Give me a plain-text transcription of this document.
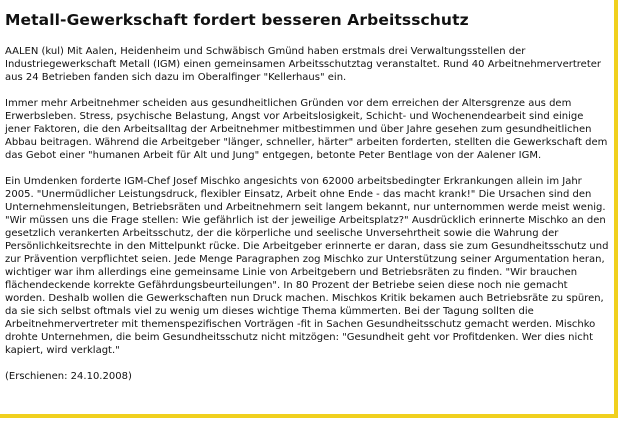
Metall-Gewerkschaft fordert besseren Arbeitsschutz

AALEN (kul) Mit Aalen, Heidenheim und Schwäbisch Gmünd haben erstmals drei Verwaltungsstellen der Industriegewerkschaft Metall (IGM) einen gemeinsamen Arbeitsschutztag veranstaltet. Rund 40 Arbeitnehmervertreter aus 24 Betrieben fanden sich dazu im Oberalfinger "Kellerhaus" ein.

Immer mehr Arbeitnehmer scheiden aus gesundheitlichen Gründen vor dem erreichen der Altersgrenze aus dem Erwerbsleben. Stress, psychische Belastung, Angst vor Arbeitslosigkeit, Schicht- und Wochenendearbeit sind einige jener Faktoren, die den Arbeitsalltag der Arbeitnehmer mitbestimmen und über Jahre gesehen zum gesundheitlichen Abbau beitragen. Während die Arbeitgeber "länger, schneller, härter" arbeiten forderten, stellten die Gewerkschaft dem das Gebot einer "humanen Arbeit für Alt und Jung" entgegen, betonte Peter Bentlage von der Aalener IGM.

Ein Umdenken forderte IGM-Chef Josef Mischko angesichts von 62000 arbeitsbedingter Erkrankungen allein im Jahr 2005. "Unermüdlicher Leistungsdruck, flexibler Einsatz, Arbeit ohne Ende - das macht krank!" Die Ursachen sind den Unternehmensleitungen, Betriebsräten und Arbeitnehmern seit langem bekannt, nur unternommen werde meist wenig. "Wir müssen uns die Frage stellen: Wie gefährlich ist der jeweilige Arbeitsplatz?" Ausdrücklich erinnerte Mischko an den gesetzlich verankerten Arbeitsschutz, der die körperliche und seelische Unversehrtheit sowie die Wahrung der Persönlichkeitsrechte in den Mittelpunkt rücke. Die Arbeitgeber erinnerte er daran, dass sie zum Gesundheitsschutz und zur Prävention verpflichtet seien. Jede Menge Paragraphen zog Mischko zur Unterstützung seiner Argumentation heran, wichtiger war ihm allerdings eine gemeinsame Linie von Arbeitgebern und Betriebsräten zu finden. "Wir brauchen flächendeckende korrekte Gefährdungsbeurteilungen". In 80 Prozent der Betriebe seien diese noch nie gemacht worden. Deshalb wollen die Gewerkschaften nun Druck machen. Mischkos Kritik bekamen auch Betriebsräte zu spüren, da sie sich selbst oftmals viel zu wenig um dieses wichtige Thema kümmerten. Bei der Tagung sollten die Arbeitnehmervertreter mit themenspezifischen Vorträgen -fit in Sachen Gesundheitsschutz gemacht werden. Mischko drohte Unternehmen, die beim Gesundheitsschutz nicht mitzögen: "Gesundheit geht vor Profitdenken. Wer dies nicht kapiert, wird verklagt."

(Erschienen: 24.10.2008)
